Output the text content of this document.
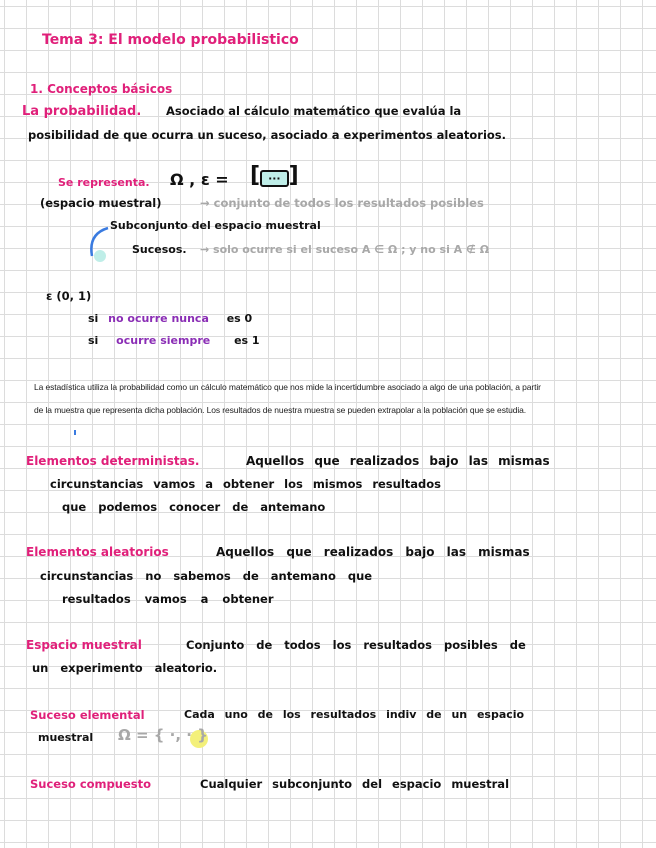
Tema 3: El modelo probabilistico
1. Conceptos básicos
La probabilidad. Asociado al cálculo matemático que evalúa la
posibilidad de que ocurra un suceso, asociado a experimentos aleatorios.
Se representa. Ω , ε = [ ··· ]
(espacio muestral)	→ conjunto de todos los resultados posibles
Subconjunto del espacio muestral
Sucesos. → solo ocurre si el suceso A ∈ Ω ; y no si A ∉ Ω
ε (0, 1)
si no ocurre nunca es 0
si ocurre siempre es 1
La estadística utiliza la probabilidad como un cálculo matemático que nos mide la incertidumbre asociado a algo de una población, a partir
de la muestra que representa dicha población. Los resultados de nuestra muestra se pueden extrapolar a la población que se estudia.
Elementos deterministas.	Aquellos que realizados bajo las mismas
circunstancias vamos a obtener los mismos resultados
que podemos conocer de antemano
Elementos aleatorios	Aquellos que realizados bajo las mismas
circunstancias no sabemos de antemano que
resultados vamos a obtener
Espacio muestral	Conjunto de todos los resultados posibles de
un experimento aleatorio.
Suceso elemental	Cada uno de los resultados indiv de un espacio
muestral Ω = { ·, · }
Suceso compuesto	Cualquier subconjunto del espacio muestral
